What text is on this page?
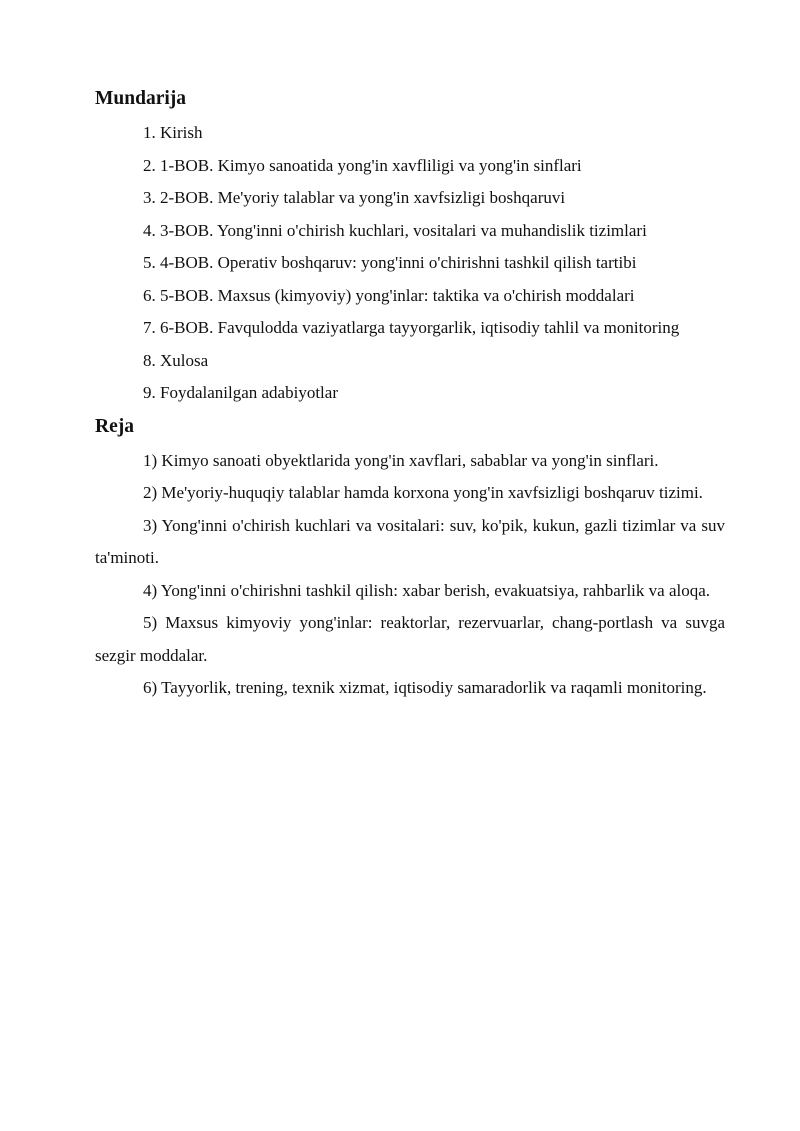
Mundarija

1. Kirish

2. 1-BOB. Kimyo sanoatida yong'in xavfliligi va yong'in sinflari

3. 2-BOB. Me'yoriy talablar va yong'in xavfsizligi boshqaruvi

4. 3-BOB. Yong'inni o'chirish kuchlari, vositalari va muhandislik tizimlari

5. 4-BOB. Operativ boshqaruv: yong'inni o'chirishni tashkil qilish tartibi

6. 5-BOB. Maxsus (kimyoviy) yong'inlar: taktika va o'chirish moddalari

7. 6-BOB. Favqulodda vaziyatlarga tayyorgarlik, iqtisodiy tahlil va monitoring

8. Xulosa

9. Foydalanilgan adabiyotlar

Reja

1) Kimyo sanoati obyektlarida yong'in xavflari, sabablar va yong'in sinflari.

2) Me'yoriy-huquqiy talablar hamda korxona yong'in xavfsizligi boshqaruv tizimi.

3) Yong'inni o'chirish kuchlari va vositalari: suv, ko'pik, kukun, gazli tizimlar va suv ta'minoti.

4) Yong'inni o'chirishni tashkil qilish: xabar berish, evakuatsiya, rahbarlik va aloqa.

5) Maxsus kimyoviy yong'inlar: reaktorlar, rezervuarlar, chang-portlash va suvga sezgir moddalar.

6) Tayyorlik, trening, texnik xizmat, iqtisodiy samaradorlik va raqamli monitoring.
